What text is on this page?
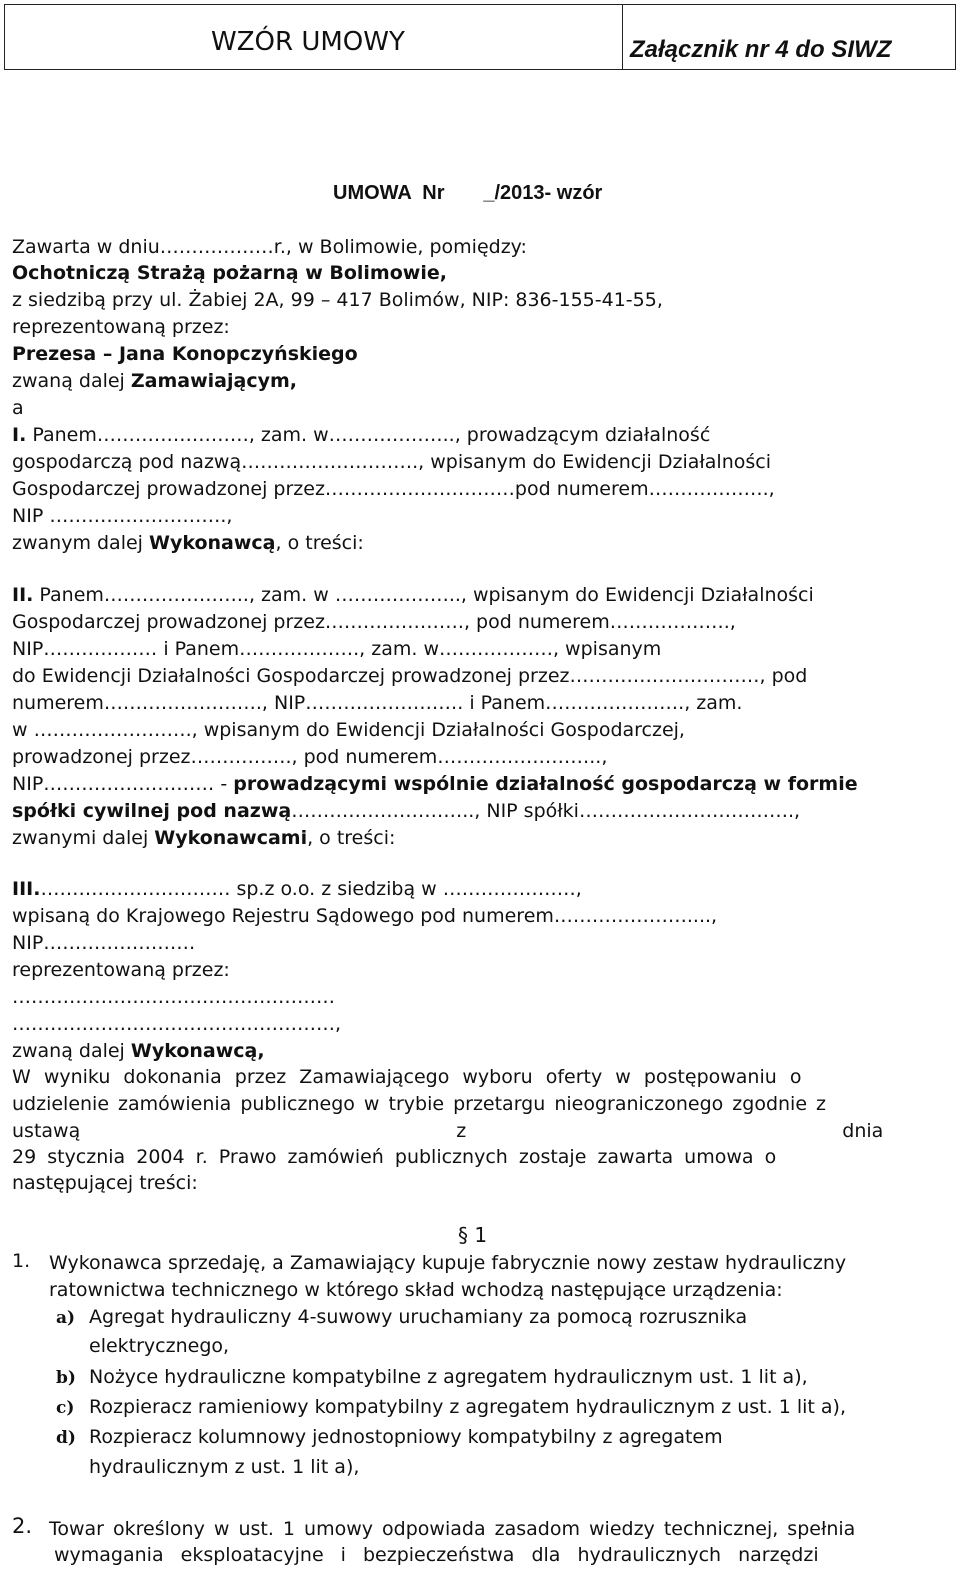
WZÓR UMOWY	Załącznik nr 4 do SIWZ
UMOWA  Nr       _/2013- wzór
Zawarta w dniu………………r., w Bolimowie, pomiędzy:
Ochotniczą Strażą pożarną w Bolimowie,
z siedzibą przy ul. Żabiej 2A, 99 – 417 Bolimów, NIP: 836-155-41-55,
reprezentowaną przez:
Prezesa – Jana Konopczyńskiego
zwaną dalej Zamawiającym,
a
I. Panem……………………, zam. w……………….., prowadzącym działalność
gospodarczą pod nazwą………………………., wpisanym do Ewidencji Działalności
Gospodarczej prowadzonej przez…………………………pod numerem……………….,
NIP ……………………….,
zwanym dalej Wykonawcą, o treści:
II. Panem………………….., zam. w ……………….., wpisanym do Ewidencji Działalności
Gospodarczej prowadzonej przez…………………., pod numerem……………….,
NIP……………… i Panem………………., zam. w………………, wpisanym
do Ewidencji Działalności Gospodarczej prowadzonej przez…………………………, pod
numerem……………………., NIP……………………. i Panem…………………., zam.
w ……………………., wpisanym do Ewidencji Działalności Gospodarczej,
prowadzonej przez……………., pod numerem……………………..,
NIP……………………… - prowadzącymi wspólnie działalność gospodarczą w formie
spółki cywilnej pod nazwą……………………….., NIP spółki…………………………….,
zwanymi dalej Wykonawcami, o treści:
III.………………………… sp.z o.o. z siedzibą w …………………,
wpisaną do Krajowego Rejestru Sądowego pod numerem…………………....,
NIP……………………
reprezentowaną przez:
……………………………………………
……………………………………………,
zwaną dalej Wykonawcą,
W wyniku dokonania przez Zamawiającego wyboru oferty w postępowaniu o
udzielenie zamówienia publicznego w trybie przetargu nieograniczonego zgodnie z
ustawą z dnia
29 stycznia 2004 r. Prawo zamówień publicznych zostaje zawarta umowa o
następującej treści:
§ 1
1. Wykonawca sprzedaję, a Zamawiający kupuje fabrycznie nowy zestaw hydrauliczny
ratownictwa technicznego w którego skład wchodzą następujące urządzenia:
a) Agregat hydrauliczny 4-suwowy uruchamiany za pomocą rozrusznika
elektrycznego,
b) Nożyce hydrauliczne kompatybilne z agregatem hydraulicznym ust. 1 lit a),
c) Rozpieracz ramieniowy kompatybilny z agregatem hydraulicznym z ust. 1 lit a),
d) Rozpieracz kolumnowy jednostopniowy kompatybilny z agregatem
hydraulicznym z ust. 1 lit a),
2. Towar określony w ust. 1 umowy odpowiada zasadom wiedzy technicznej, spełnia
wymagania eksploatacyjne i bezpieczeństwa dla hydraulicznych narzędzi
